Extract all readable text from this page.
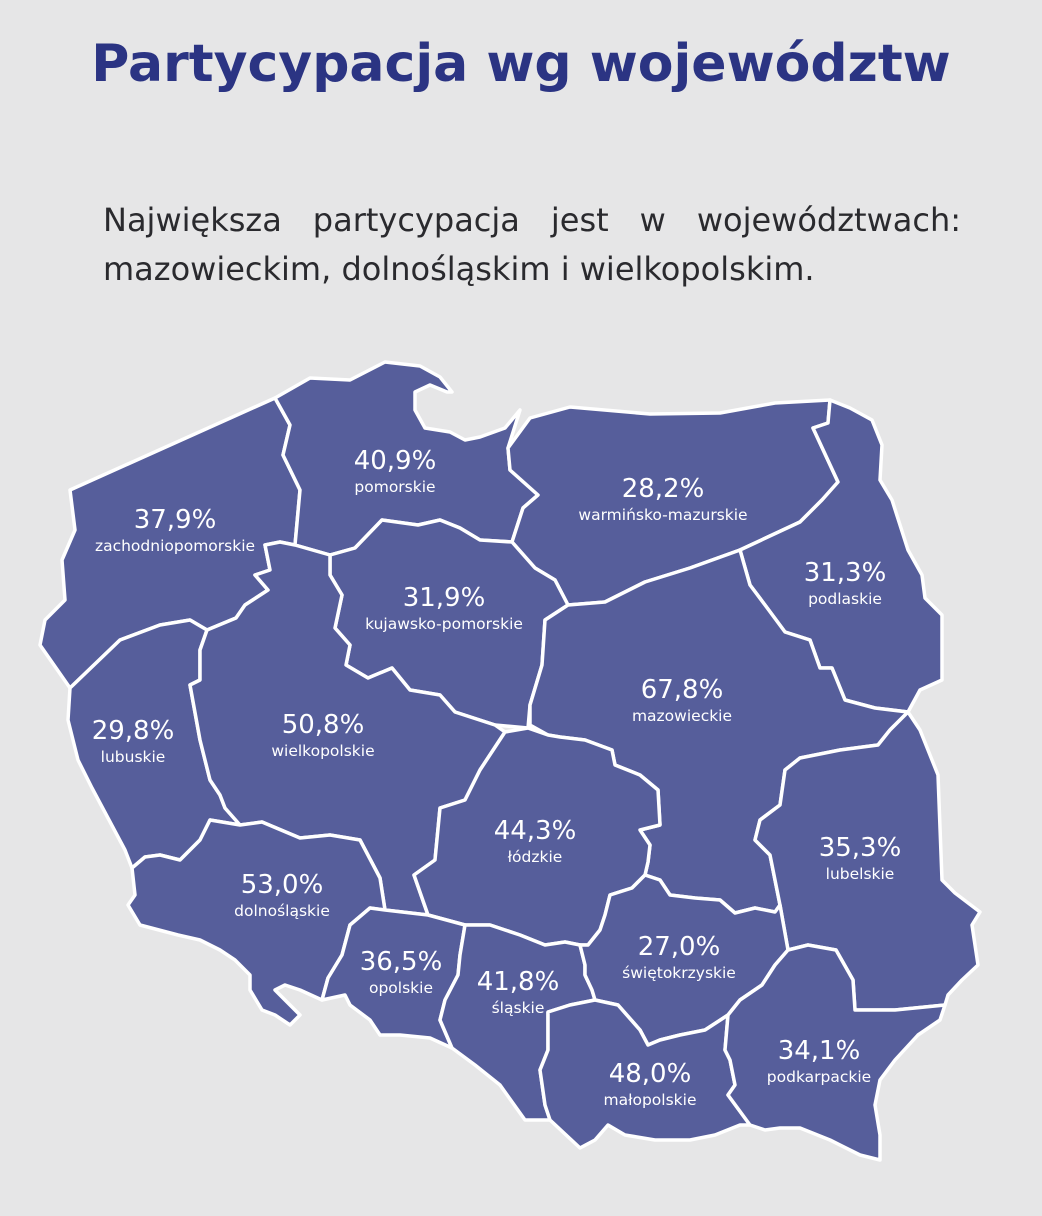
Partycypacja wg województw
Największa partycypacja jest w województwach: mazowieckim, dolnośląskim i wielkopolskim.
37,9%
zachodniopomorskie
40,9%
pomorskie	28,2%
warmińsko-mazurskie
31,3%
podlaskie
31,9%
kujawsko-pomorskie
29,8%
lubuskie
50,8%
wielkopolskie
67,8%
mazowieckie
44,3%
łódzkie	35,3%
lubelskie
53,0%
dolnośląskie
36,5%
opolskie 41,8%
śląskie
27,0%
świętokrzyskie
48,0%
małopolskie
34,1%
podkarpackie
